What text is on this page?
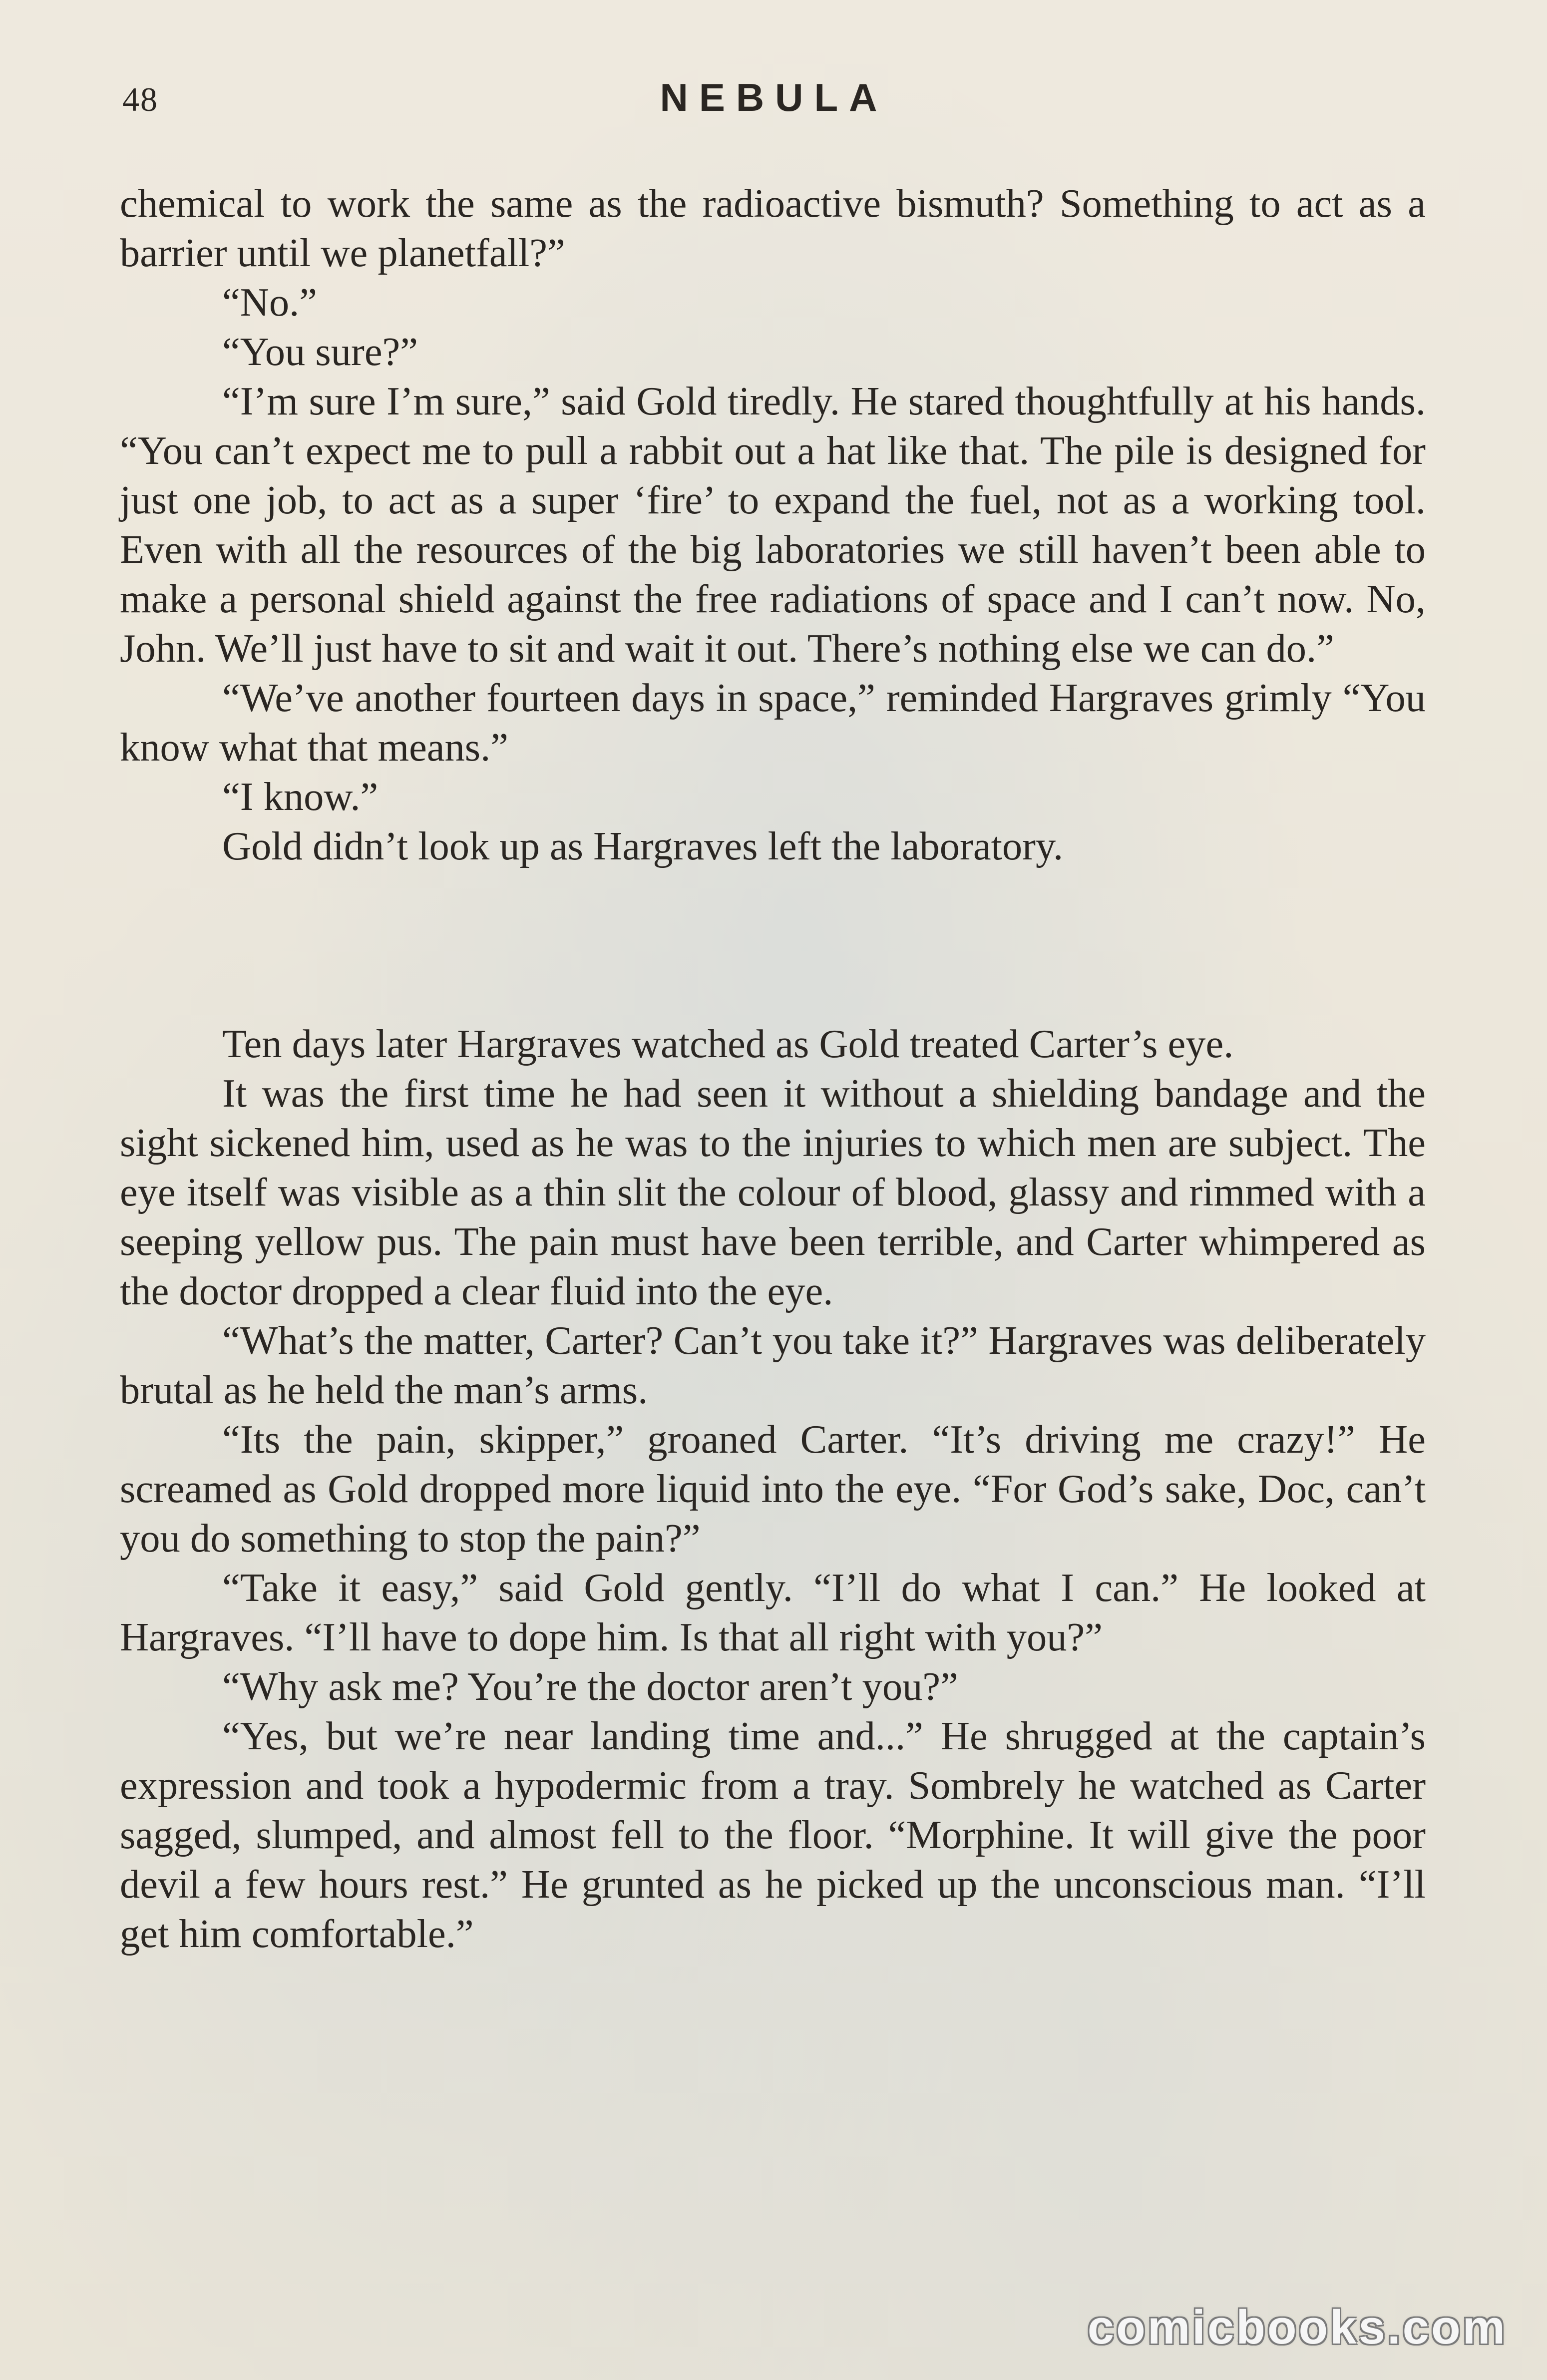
48	NEBULA

chemical to work the same as the radioactive bismuth? Something to act as a barrier until we planetfall?”

“No.”

“You sure?”

“I’m sure I’m sure,” said Gold tiredly. He stared thoughtfully at his hands. “You can’t expect me to pull a rabbit out a hat like that. The pile is designed for just one job, to act as a super ‘fire’ to expand the fuel, not as a working tool. Even with all the resources of the big laboratories we still haven’t been able to make a personal shield against the free radiations of space and I can’t now. No, John. We’ll just have to sit and wait it out. There’s nothing else we can do.”

“We’ve another fourteen days in space,” reminded Hargraves grimly “You know what that means.”

“I know.”

Gold didn’t look up as Hargraves left the laboratory.

Ten days later Hargraves watched as Gold treated Carter’s eye.

It was the first time he had seen it without a shielding bandage and the sight sickened him, used as he was to the injuries to which men are subject. The eye itself was visible as a thin slit the colour of blood, glassy and rimmed with a seeping yellow pus. The pain must have been terrible, and Carter whimpered as the doctor dropped a clear fluid into the eye.

“What’s the matter, Carter? Can’t you take it?” Hargraves was deliberately brutal as he held the man’s arms.

“Its the pain, skipper,” groaned Carter. “It’s driving me crazy!” He screamed as Gold dropped more liquid into the eye. “For God’s sake, Doc, can’t you do something to stop the pain?”

“Take it easy,” said Gold gently. “I’ll do what I can.” He looked at Hargraves. “I’ll have to dope him. Is that all right with you?”

“Why ask me? You’re the doctor aren’t you?”

“Yes, but we’re near landing time and...” He shrugged at the captain’s expression and took a hypodermic from a tray. Sombrely he watched as Carter sagged, slumped, and almost fell to the floor. “Morphine. It will give the poor devil a few hours rest.” He grunted as he picked up the unconscious man. “I’ll get him comfortable.”

comicbooks.com
